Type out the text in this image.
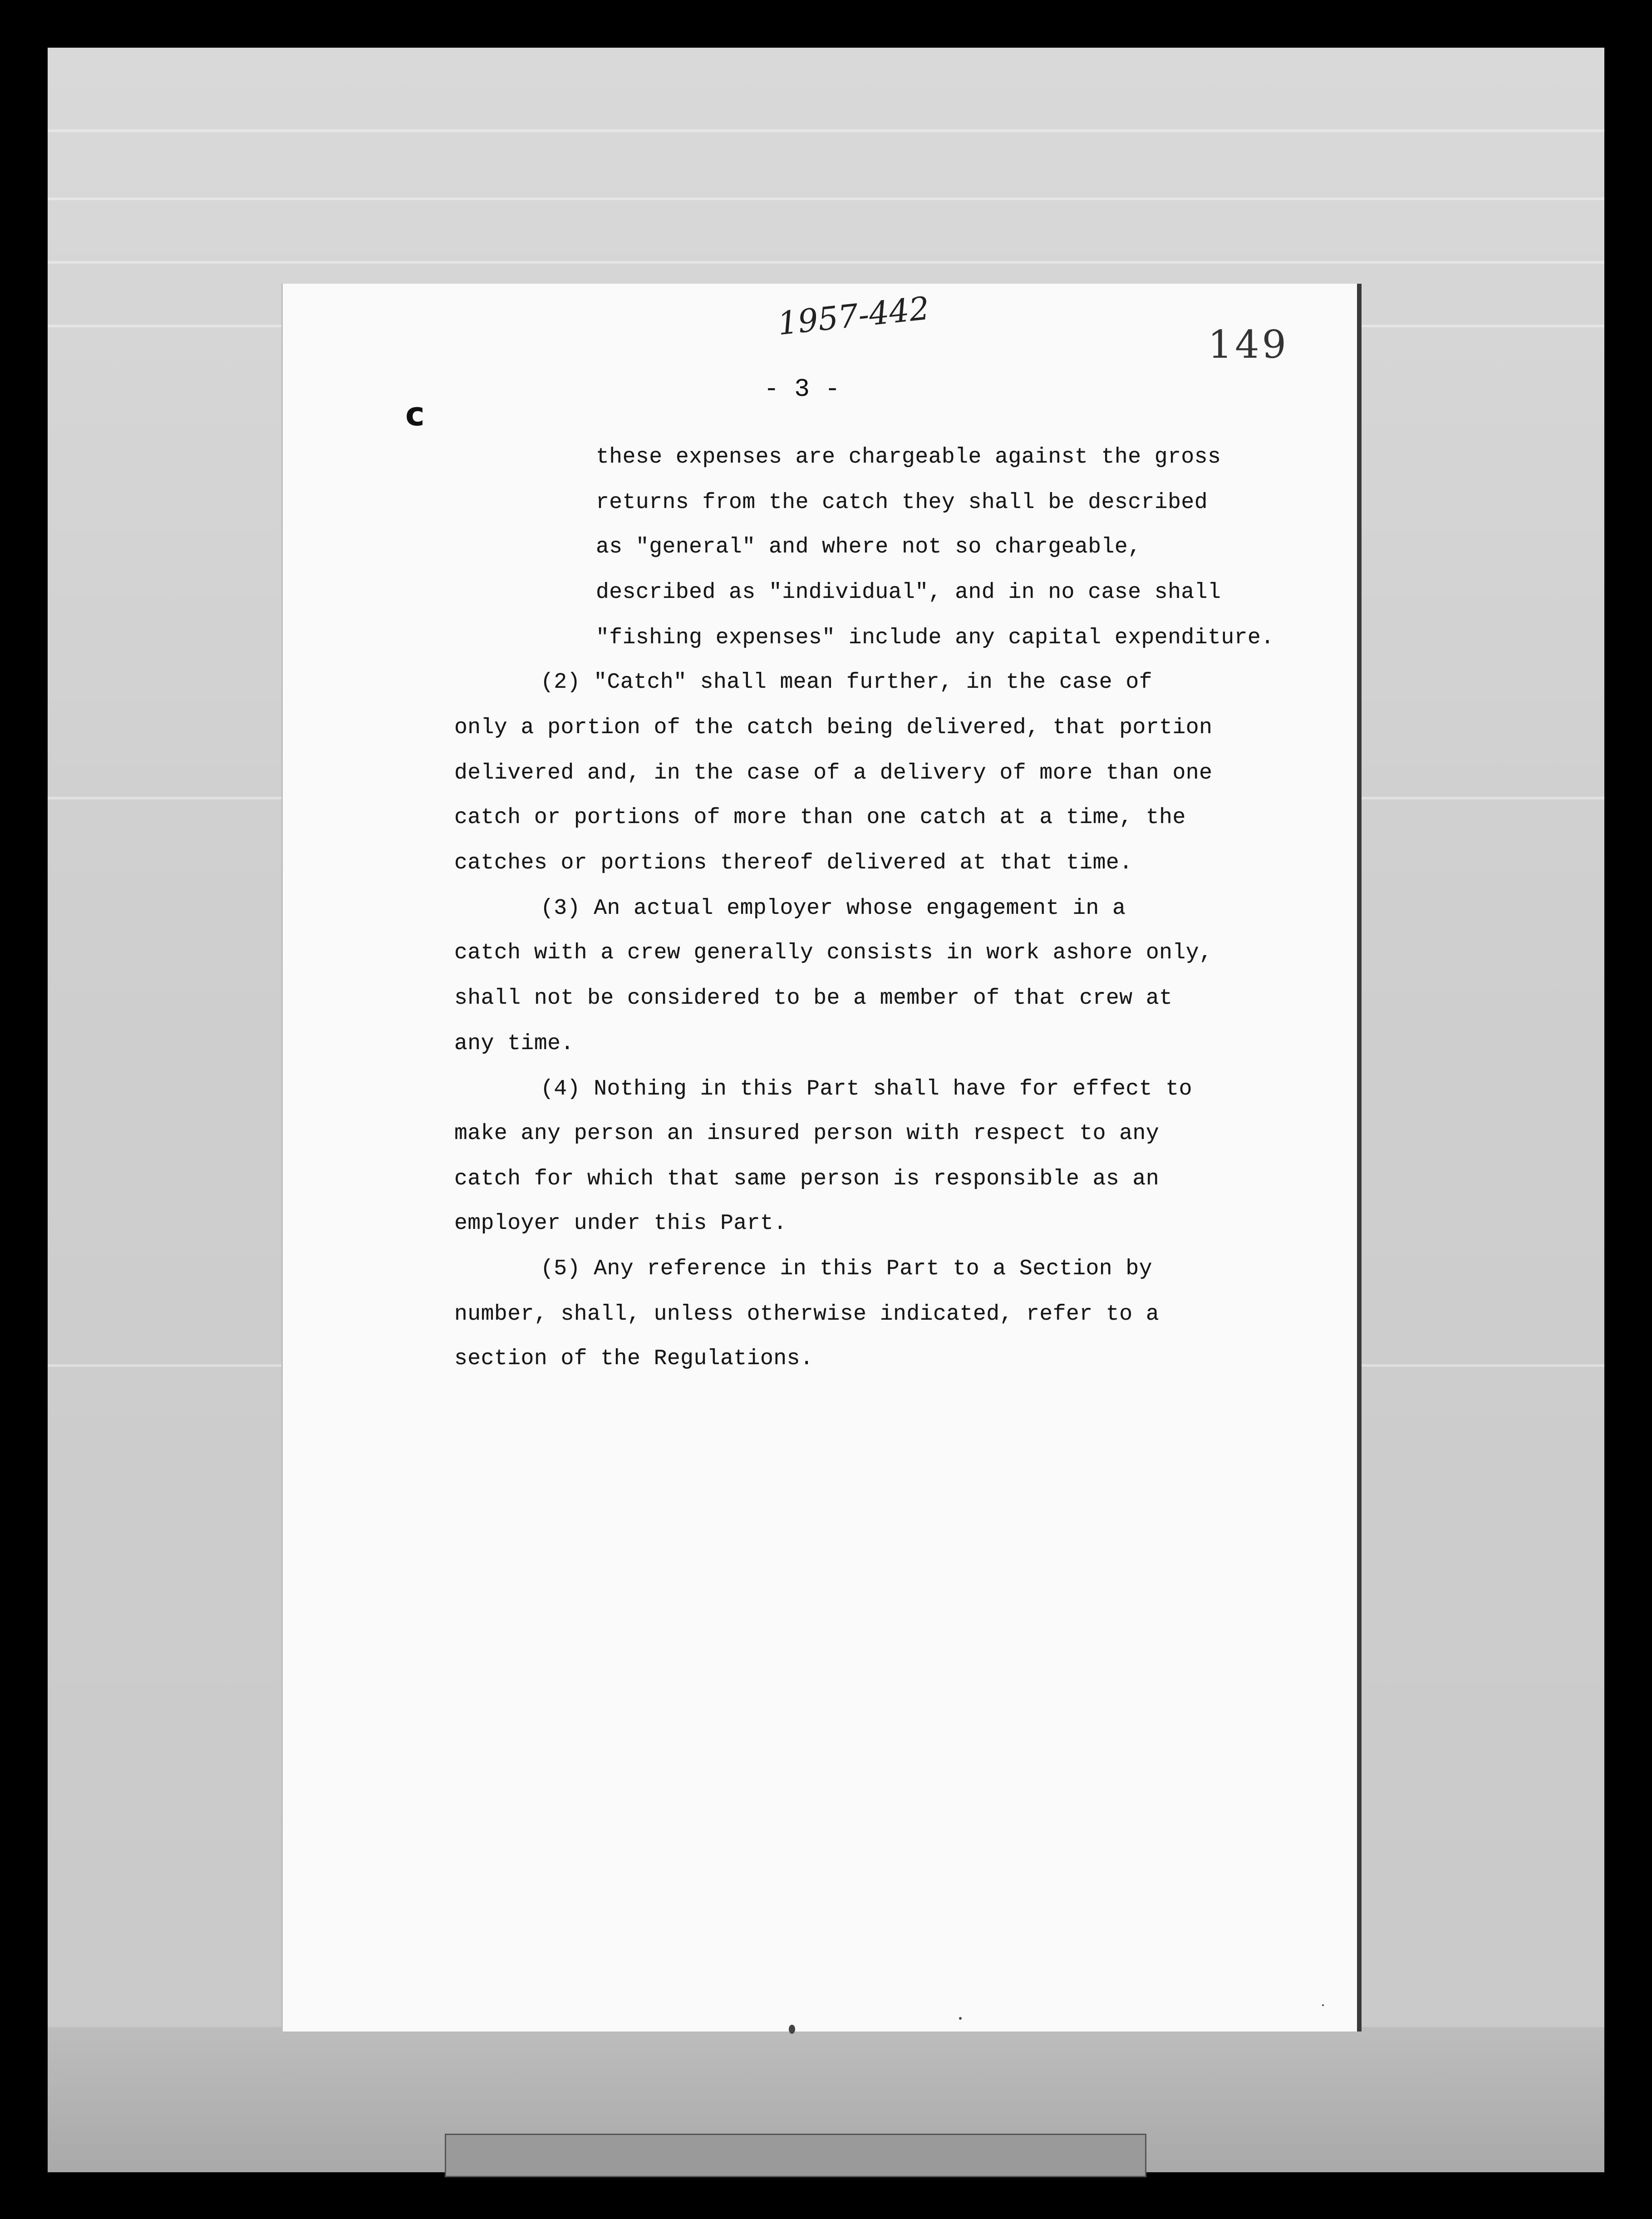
1957-442
149
- 3 -
c
these expenses are chargeable against the gross
returns from the catch they shall be described
as "general" and where not so chargeable,
described as "individual", and in no case shall
"fishing expenses" include any capital expenditure.
(2) "Catch" shall mean further, in the case of
only a portion of the catch being delivered, that portion
delivered and, in the case of a delivery of more than one
catch or portions of more than one catch at a time, the
catches or portions thereof delivered at that time.
(3) An actual employer whose engagement in a
catch with a crew generally consists in work ashore only,
shall not be considered to be a member of that crew at
any time.
(4) Nothing in this Part shall have for effect to
make any person an insured person with respect to any
catch for which that same person is responsible as an
employer under this Part.
(5) Any reference in this Part to a Section by
number, shall, unless otherwise indicated, refer to a
section of the Regulations.
